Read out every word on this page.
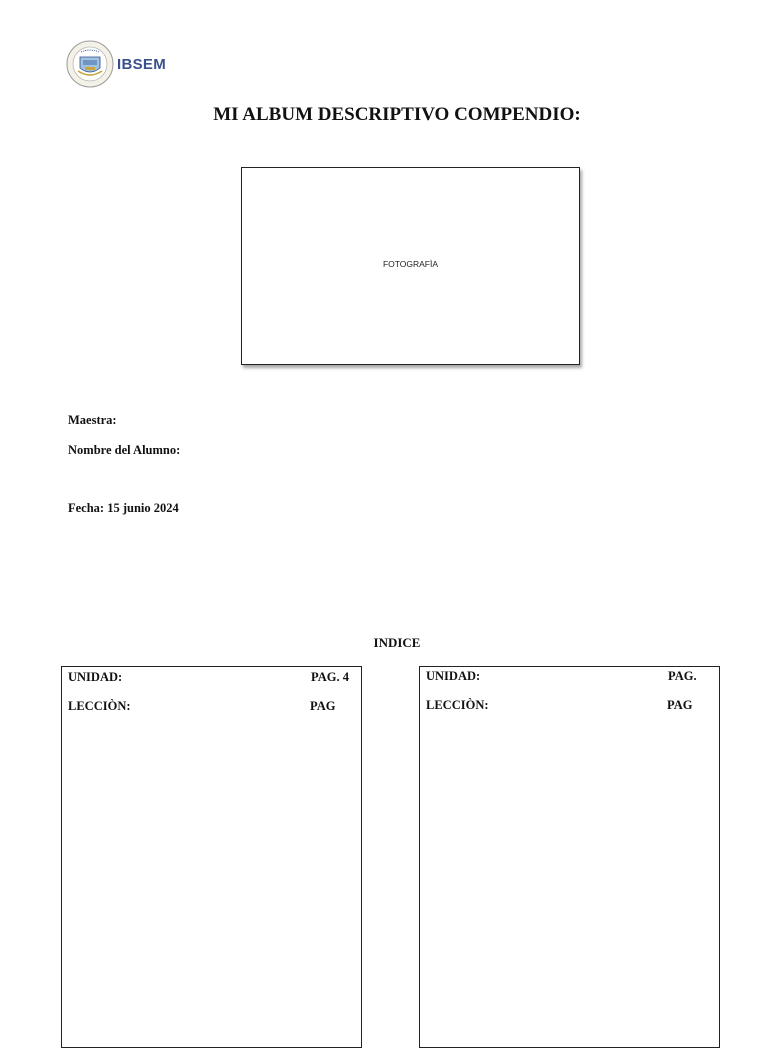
IBSEM
MI ALBUM DESCRIPTIVO COMPENDIO:
FOTOGRAFÌA
Maestra:
Nombre del Alumno:
Fecha: 15 junio 2024
INDICE
UNIDAD:	PAG. 4
LECCIÒN:	PAG
UNIDAD:	PAG.
LECCIÒN:	PAG
